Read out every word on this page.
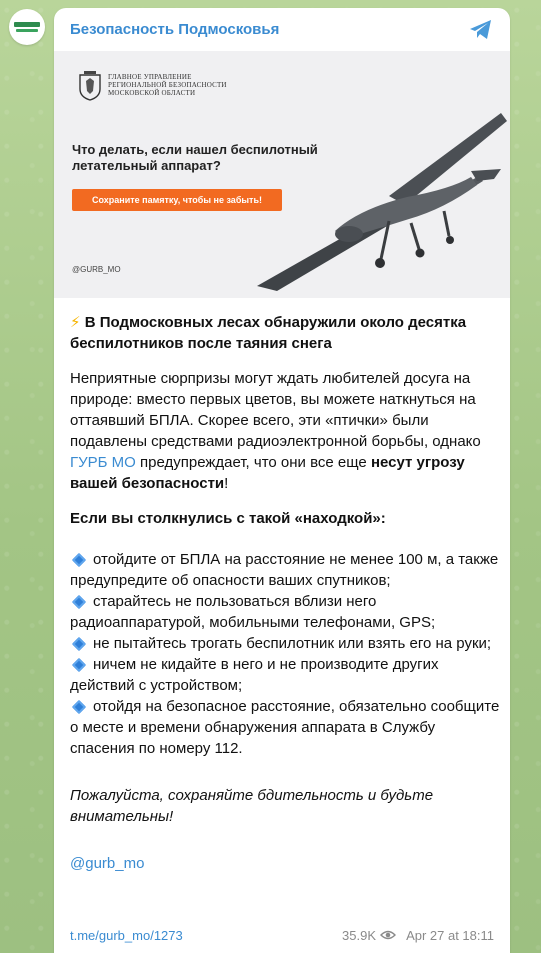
Безопасность Подмосковья
ГЛАВНОЕ УПРАВЛЕНИЕ
РЕГИОНАЛЬНОЙ БЕЗОПАСНОСТИ
МОСКОВСКОЙ ОБЛАСТИ
Что делать, если нашел беспилотный летательный аппарат?
Сохраните памятку, чтобы не забыть!
@GURB_MO
⚡ В Подмосковных лесах обнаружили около десятка беспилотников после таяния снега
Неприятные сюрпризы могут ждать любителей досуга на природе: вместо первых цветов, вы можете наткнуться на оттаявший БПЛА. Скорее всего, эти «птички» были подавлены средствами радиоэлектронной борьбы, однако ГУРБ МО предупреждает, что они все еще несут угрозу вашей безопасности!
Если вы столкнулись с такой «находкой»:
отойдите от БПЛА на расстояние не менее 100 м, а также предупредите об опасности ваших спутников;
старайтесь не пользоваться вблизи него радиоаппаратурой, мобильными телефонами, GPS;
не пытайтесь трогать беспилотник или взять его на руки;
ничем не кидайте в него и не производите других действий с устройством;
отойдя на безопасное расстояние, обязательно сообщите о месте и времени обнаружения аппарата в Службу спасения по номеру 112.
Пожалуйста, сохраняйте бдительность и будьте внимательны!
@gurb_mo
t.me/gurb_mo/1273	35.9K Apr 27 at 18:11
